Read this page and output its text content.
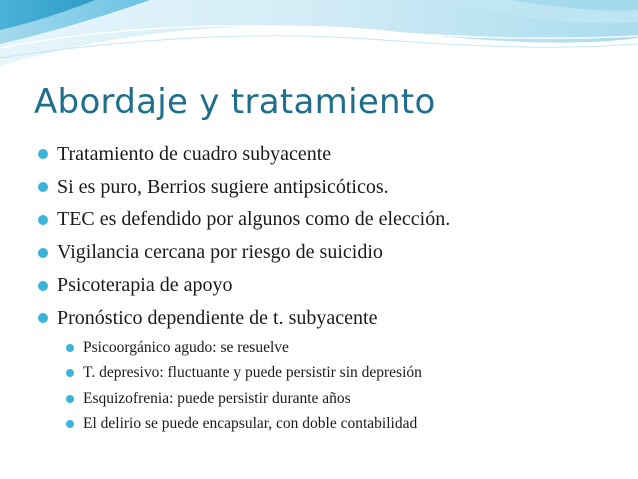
Abordaje y tratamiento
Tratamiento de cuadro subyacente
Si es puro, Berrios sugiere antipsicóticos.
TEC es defendido por algunos como de elección.
Vigilancia cercana por riesgo de suicidio
Psicoterapia de apoyo
Pronóstico dependiente de t. subyacente
Psicoorgánico agudo: se resuelve
T. depresivo: fluctuante y puede persistir sin depresión
Esquizofrenia: puede persistir durante años
El delirio se puede encapsular, con doble contabilidad
